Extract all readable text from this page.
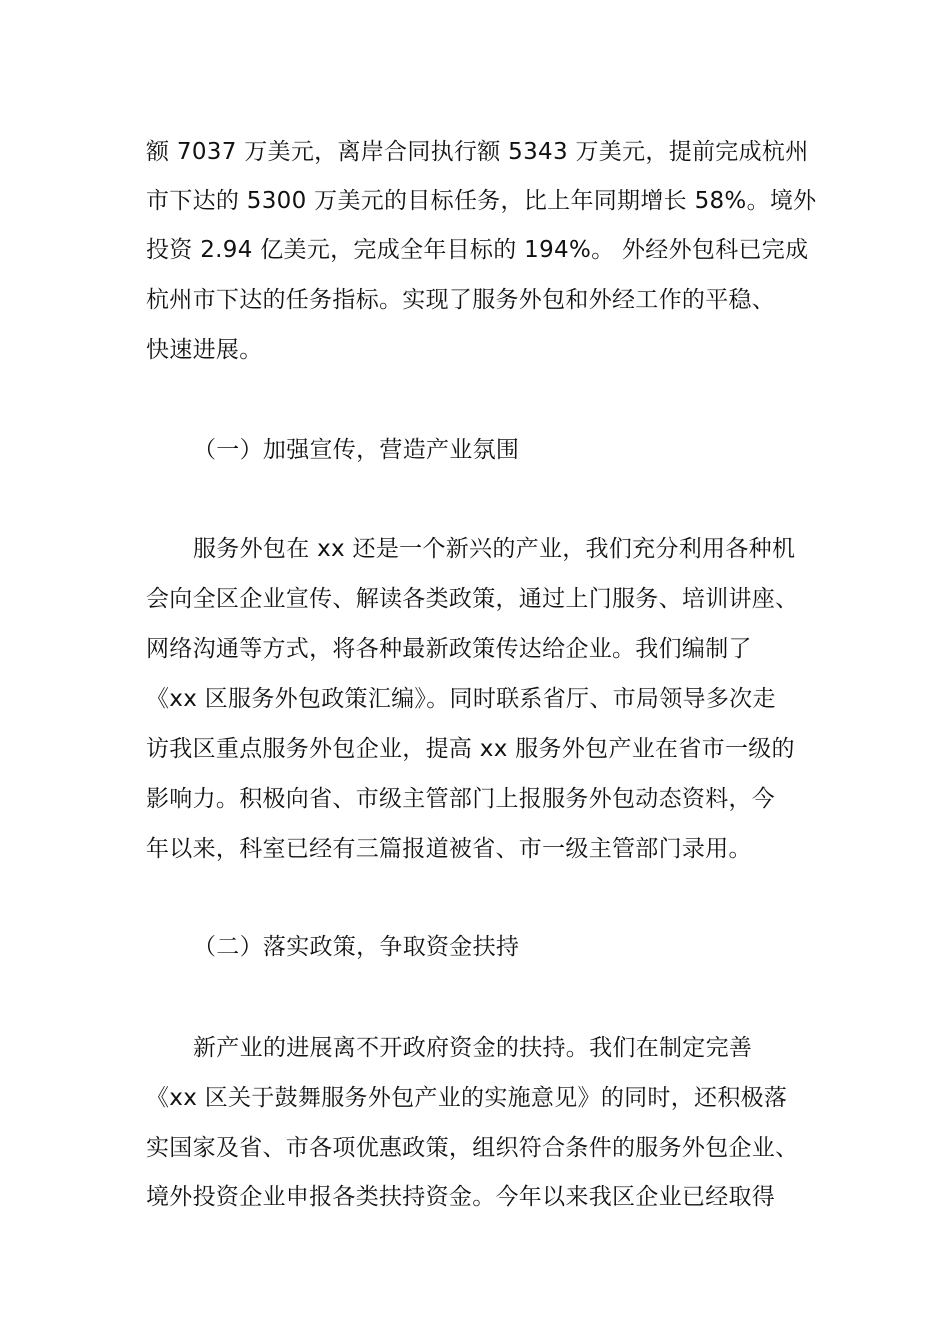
额 7037 万美元，离岸合同执行额 5343 万美元，提前完成杭州
市下达的 5300 万美元的目标任务，比上年同期增长 58%。境外
投资 2.94 亿美元，完成全年目标的 194%。 外经外包科已完成
杭州市下达的任务指标。实现了服务外包和外经工作的平稳、
快速进展。
（一）加强宣传，营造产业氛围
服务外包在 xx 还是一个新兴的产业，我们充分利用各种机
会向全区企业宣传、解读各类政策，通过上门服务、培训讲座、
网络沟通等方式，将各种最新政策传达给企业。我们编制了
《xx 区服务外包政策汇编》。同时联系省厅、市局领导多次走
访我区重点服务外包企业，提高 xx 服务外包产业在省市一级的
影响力。积极向省、市级主管部门上报服务外包动态资料，今
年以来，科室已经有三篇报道被省、市一级主管部门录用。
（二）落实政策，争取资金扶持
新产业的进展离不开政府资金的扶持。我们在制定完善
《xx 区关于鼓舞服务外包产业的实施意见》的同时，还积极落
实国家及省、市各项优惠政策，组织符合条件的服务外包企业、
境外投资企业申报各类扶持资金。今年以来我区企业已经取得
